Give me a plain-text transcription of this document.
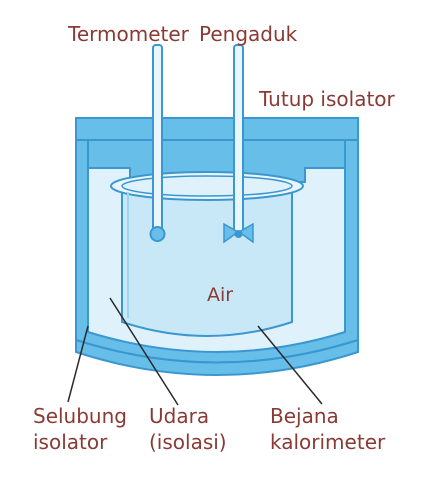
Termometer Pengaduk
Tutup isolator
Air
Selubung
isolator
Udara
(isolasi)
Bejana
kalorimeter
